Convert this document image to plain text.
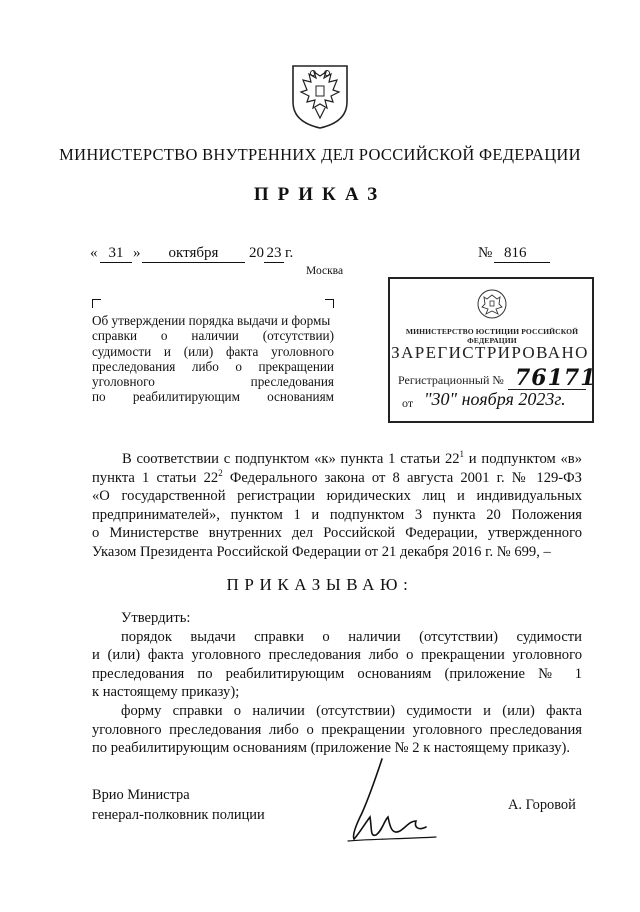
МИНИСТЕРСТВО ВНУТРЕННИХ ДЕЛ РОССИЙСКОЙ ФЕДЕРАЦИИ
ПРИКАЗ
« 31 »	октября	20 23 г.	№ 816
Москва
Об утверждении порядка выдачи и формы
справки о наличии (отсутствии)
судимости и (или) факта уголовного
преследования либо о прекращении
уголовного преследования
по реабилитирующим основаниям
МИНИСТЕРСТВО ЮСТИЦИИ РОССИЙСКОЙ ФЕДЕРАЦИИ
ЗАРЕГИСТРИРОВАНО
Регистрационный № 76171
от "30" ноября 2023г.
В соответствии с подпунктом «к» пункта 1 статьи $22^1$ и подпунктом «в»
пункта 1 статьи $22^2$ Федерального закона от 8 августа 2001 г. № 129-ФЗ
«О государственной регистрации юридических лиц и индивидуальных
предпринимателей», пунктом 1 и подпунктом 3 пункта 20 Положения
о Министерстве внутренних дел Российской Федерации, утвержденного
Указом Президента Российской Федерации от 21 декабря 2016 г. № 699, –
ПРИКАЗЫВАЮ:
Утвердить:
порядок выдачи справки о наличии (отсутствии) судимости
и (или) факта уголовного преследования либо о прекращении уголовного
преследования по реабилитирующим основаниям (приложение № 1
к настоящему приказу);
форму справки о наличии (отсутствии) судимости и (или) факта
уголовного преследования либо о прекращении уголовного преследования
по реабилитирующим основаниям (приложение № 2 к настоящему приказу).
Врио Министра
генерал-полковник полиции
А. Горовой
